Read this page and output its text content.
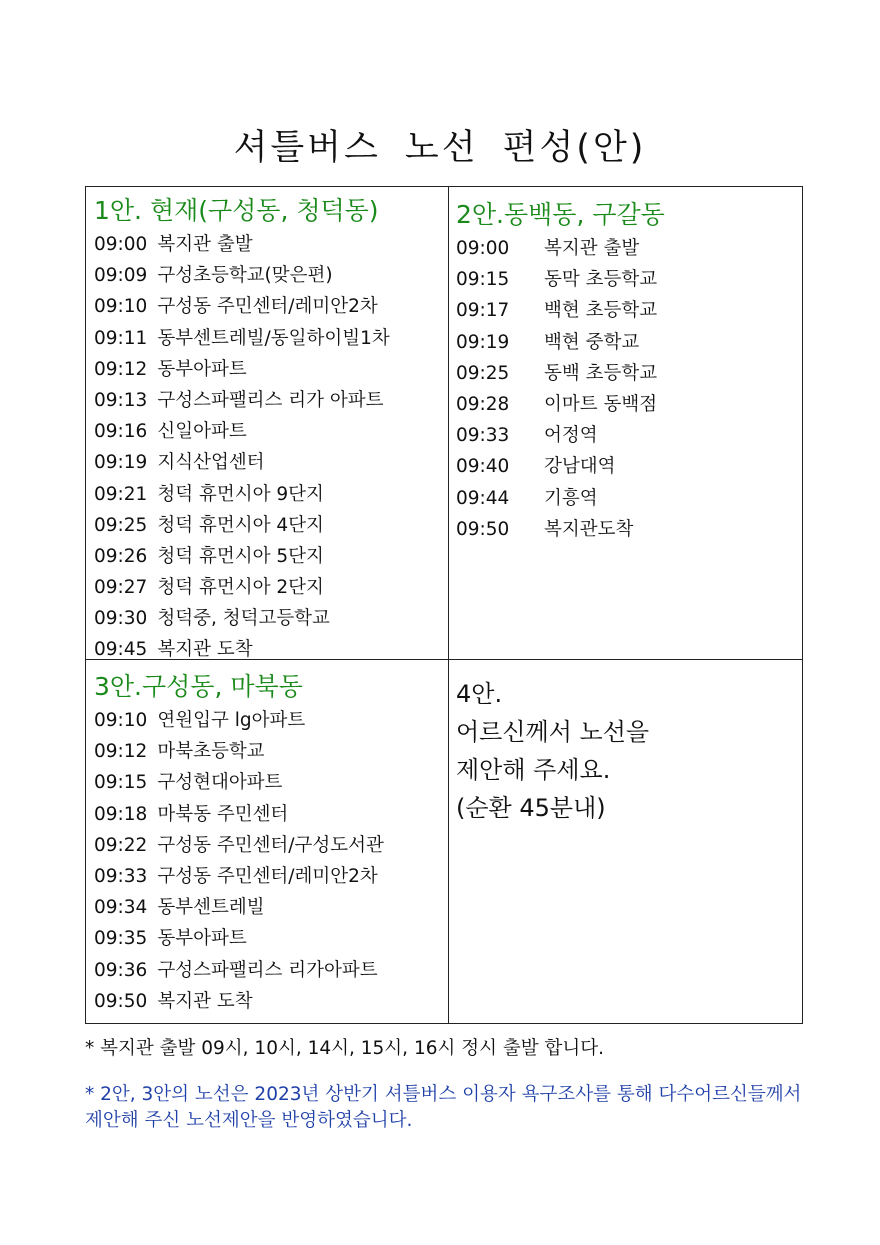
셔틀버스 노선 편성(안)
1안. 현재(구성동, 청덕동)
09:00 복지관 출발
09:09 구성초등학교(맞은편)
09:10 구성동 주민센터/레미안2차
09:11 동부센트레빌/동일하이빌1차
09:12 동부아파트
09:13 구성스파팰리스 리가 아파트
09:16 신일아파트
09:19 지식산업센터
09:21 청덕 휴먼시아 9단지
09:25 청덕 휴먼시아 4단지
09:26 청덕 휴먼시아 5단지
09:27 청덕 휴먼시아 2단지
09:30 청덕중, 청덕고등학교
09:45 복지관 도착
2안.동백동, 구갈동
09:00 복지관 출발
09:15 동막 초등학교
09:17 백현 초등학교
09:19 백현 중학교
09:25 동백 초등학교
09:28 이마트 동백점
09:33 어정역
09:40 강남대역
09:44 기흥역
09:50 복지관도착
3안.구성동, 마북동
09:10 연원입구 lg아파트
09:12 마북초등학교
09:15 구성현대아파트
09:18 마북동 주민센터
09:22 구성동 주민센터/구성도서관
09:33 구성동 주민센터/레미안2차
09:34 동부센트레빌
09:35 동부아파트
09:36 구성스파팰리스 리가아파트
09:50 복지관 도착

4안.

어르신께서 노선을

제안해 주세요.

(순환 45분내)

* 복지관 출발 09시, 10시, 14시, 15시, 16시 정시 출발 합니다.
* 2안, 3안의 노선은 2023년 상반기 셔틀버스 이용자 욕구조사를 통해 다수어르신들께서 제안해 주신 노선제안을 반영하였습니다.
